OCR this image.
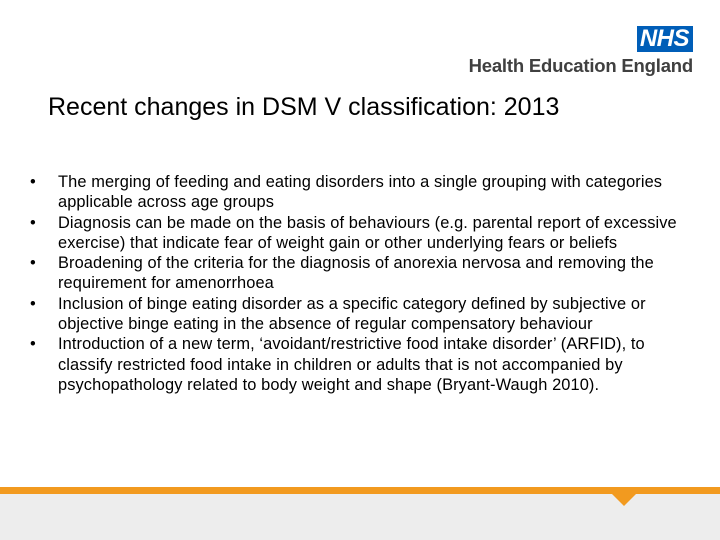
NHS
Health Education England
Recent changes in DSM V classification: 2013
• The merging of feeding and eating disorders into a single grouping with categories applicable across age groups
• Diagnosis can be made on the basis of behaviours (e.g. parental report of excessive exercise) that indicate fear of weight gain or other underlying fears or beliefs
• Broadening of the criteria for the diagnosis of anorexia nervosa and removing the requirement for amenorrhoea
• Inclusion of binge eating disorder as a specific category defined by subjective or objective binge eating in the absence of regular compensatory behaviour
• Introduction of a new term, ‘avoidant/restrictive food intake disorder’ (ARFID), to classify restricted food intake in children or adults that is not accompanied by psychopathology related to body weight and shape (Bryant-Waugh 2010).
